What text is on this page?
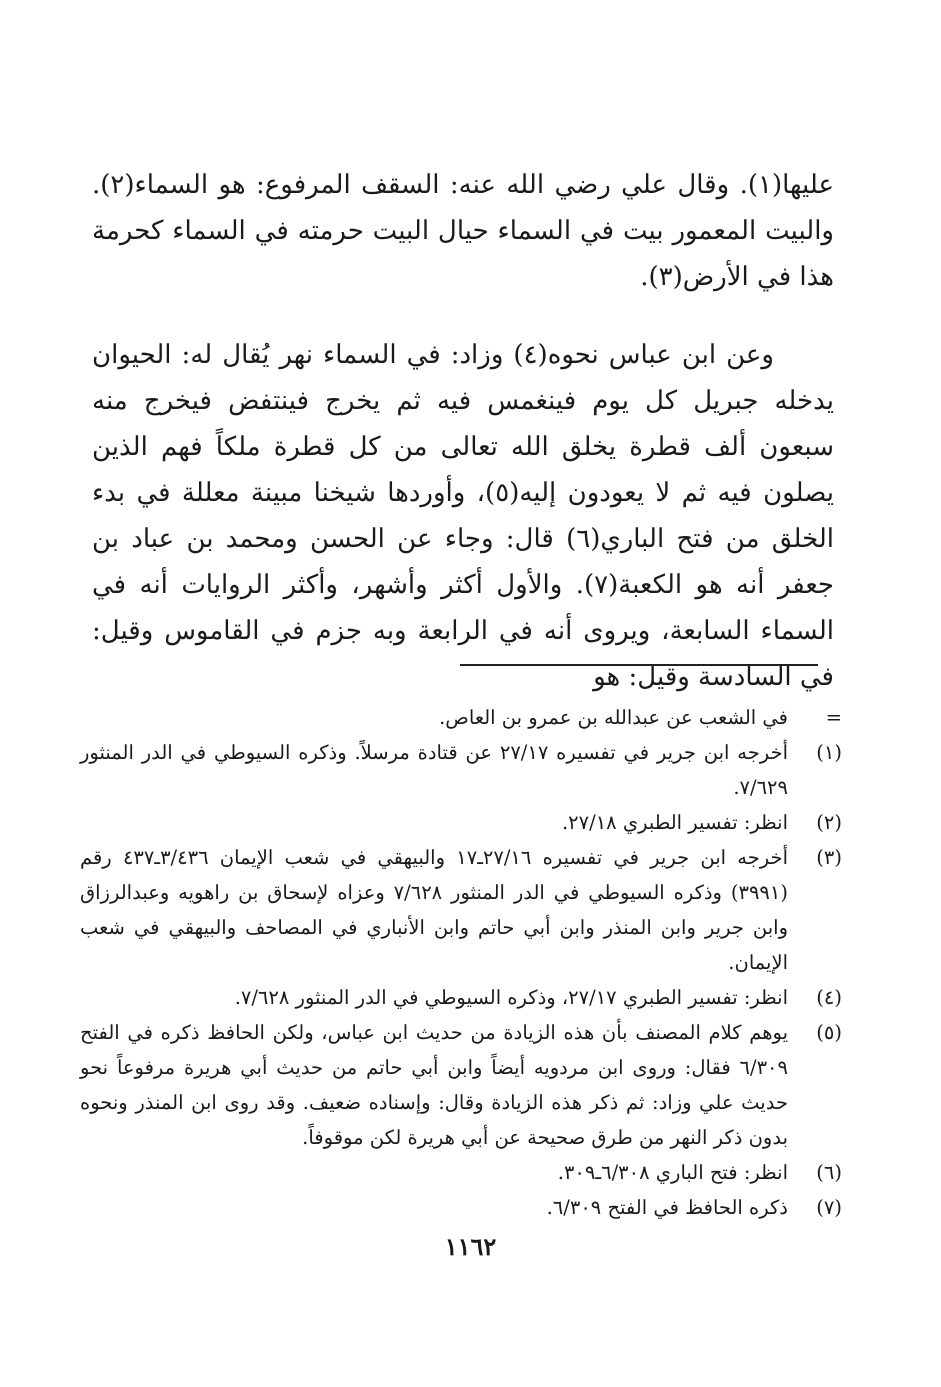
عليها(١). وقال علي رضي الله عنه: السقف المرفوع: هو السماء(٢). والبيت المعمور بيت في السماء حيال البيت حرمته في السماء كحرمة هذا في الأرض(٣).

وعن ابن عباس نحوه(٤) وزاد: في السماء نهر يُقال له: الحيوان يدخله جبريل كل يوم فينغمس فيه ثم يخرج فينتفض فيخرج منه سبعون ألف قطرة يخلق الله تعالى من كل قطرة ملكاً فهم الذين يصلون فيه ثم لا يعودون إليه(٥)، وأوردها شيخنا مبينة معللة في بدء الخلق من فتح الباري(٦) قال: وجاء عن الحسن ومحمد بن عباد بن جعفر أنه هو الكعبة(٧). والأول أكثر وأشهر، وأكثر الروايات أنه في السماء السابعة، ويروى أنه في الرابعة وبه جزم في القاموس وقيل: في السادسة وقيل: هو

=
في الشعب عن عبدالله بن عمرو بن العاص.
(١)
أخرجه ابن جرير في تفسيره ٢٧/١٧ عن قتادة مرسلاً. وذكره السيوطي في الدر المنثور ٧/٦٢٩.
(٢)
انظر: تفسير الطبري ٢٧/١٨.
(٣)
أخرجه ابن جرير في تفسيره ٢٧/١٦ـ١٧ والبيهقي في شعب الإيمان ٣/٤٣٦ـ٤٣٧ رقم (٣٩٩١) وذكره السيوطي في الدر المنثور ٧/٦٢٨ وعزاه لإسحاق بن راهويه وعبدالرزاق وابن جرير وابن المنذر وابن أبي حاتم وابن الأنباري في المصاحف والبيهقي في شعب الإيمان.
(٤)
انظر: تفسير الطبري ٢٧/١٧، وذكره السيوطي في الدر المنثور ٧/٦٢٨.
(٥)
يوهم كلام المصنف بأن هذه الزيادة من حديث ابن عباس، ولكن الحافظ ذكره في الفتح ٦/٣٠٩ فقال: وروى ابن مردويه أيضاً وابن أبي حاتم من حديث أبي هريرة مرفوعاً نحو حديث علي وزاد: ثم ذكر هذه الزيادة وقال: وإسناده ضعيف. وقد روى ابن المنذر ونحوه بدون ذكر النهر من طرق صحيحة عن أبي هريرة لكن موقوفاً.
(٦)
انظر: فتح الباري ٦/٣٠٨ـ٣٠٩.
(٧)
ذكره الحافظ في الفتح ٦/٣٠٩.
١١٦٢
